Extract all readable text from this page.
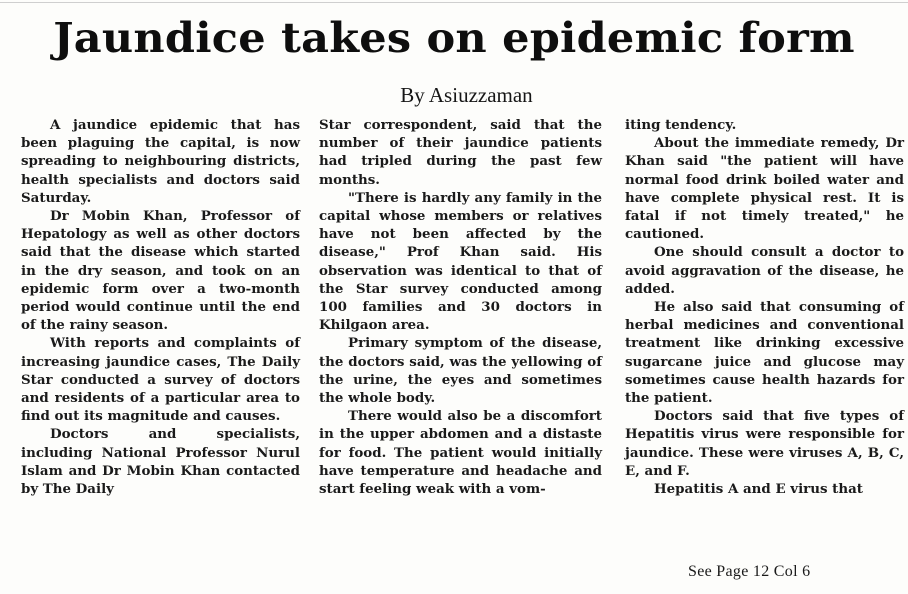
Jaundice takes on epidemic form
By Asiuzzaman

A jaundice epidemic that has been plaguing the capital, is now spreading to neighbouring districts, health specialists and doctors said Saturday.

Dr Mobin Khan, Professor of Hepatology as well as other doctors said that the disease which started in the dry season, and took on an epidemic form over a two-month period would continue until the end of the rainy season.

With reports and complaints of increasing jaundice cases, The Daily Star conducted a survey of doctors and residents of a particular area to find out its magnitude and causes.

Doctors and specialists, including National Professor Nurul Islam and Dr Mobin Khan contacted by The Daily

Star correspondent, said that the number of their jaundice patients had tripled during the past few months.

"There is hardly any family in the capital whose members or relatives have not been affected by the disease," Prof Khan said. His observation was identical to that of the Star survey conducted among 100 families and 30 doctors in Khilgaon area.

Primary symptom of the disease, the doctors said, was the yellowing of the urine, the eyes and sometimes the whole body.

There would also be a discomfort in the upper abdomen and a distaste for food. The patient would initially have temperature and headache and start feeling weak with a vom-

iting tendency.

About the immediate remedy, Dr Khan said "the patient will have normal food drink boiled water and have complete physical rest. It is fatal if not timely treated," he cautioned.

One should consult a doctor to avoid aggravation of the disease, he added.

He also said that consuming of herbal medicines and conventional treatment like drinking excessive sugarcane juice and glucose may sometimes cause health hazards for the patient.

Doctors said that five types of Hepatitis virus were responsible for jaundice. These were viruses A, B, C, E, and F.

Hepatitis A and E virus that

See Page 12 Col 6
